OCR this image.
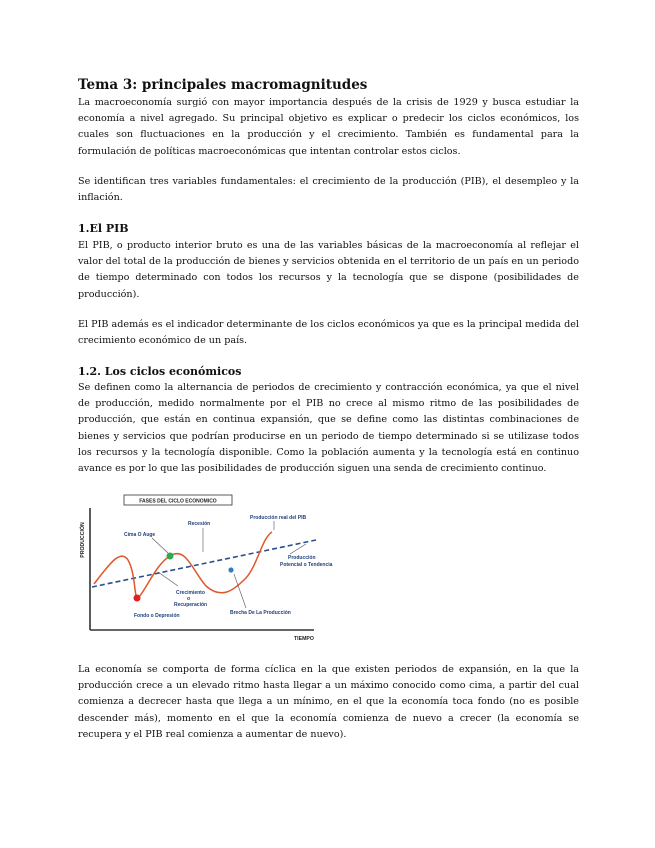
Tema 3: principales macromagnitudes

La macroeconomía surgió con mayor importancia después de la crisis de 1929 y busca estudiar la economía a nivel agregado. Su principal objetivo es explicar o predecir los ciclos económicos, los cuales son fluctuaciones en la producción y el crecimiento. También es fundamental para la formulación de políticas macroeconómicas que intentan controlar estos ciclos.

Se identifican tres variables fundamentales: el crecimiento de la producción (PIB), el desempleo y la inflación.

1.El PIB

El PIB, o producto interior bruto es una de las variables básicas de la macroeconomía al reflejar el valor del total de la producción de bienes y servicios obtenida en el territorio de un país en un periodo de tiempo determinado con todos los recursos y la tecnología que se dispone (posibilidades de producción).

El PIB además es el indicador determinante de los ciclos económicos ya que es la principal medida del crecimiento económico de un país.

1.2. Los ciclos económicos

Se definen como la alternancia de periodos de crecimiento y contracción económica, ya que el nivel de producción, medido normalmente por el PIB no crece al mismo ritmo de las posibilidades de producción, que están en continua expansión, que se define como las distintas combinaciones de bienes y servicios que podrían producirse en un periodo de tiempo determinado si se utilizase todos los recursos y la tecnología disponible. Como la población aumenta y la tecnología está en continuo avance es por lo que las posibilidades de producción siguen una senda de crecimiento continuo.

FASES DEL CICLO ECONOMICO
PRODUCCIÓN
TIEMPO
Cima O Auge
Recesión
Producción real del PIB
Producción
Potencial o Tendencia
Crecimiento
o
Recuperación
Fondo o Depresión	Brecha De La Producción

La economía se comporta de forma cíclica en la que existen periodos de expansión, en la que la producción crece a un elevado ritmo hasta llegar a un máximo conocido como cima, a partir del cual comienza a decrecer hasta que llega a un mínimo, en el que la economía toca fondo (no es posible descender más), momento en el que la economía comienza de nuevo a crecer (la economía se recupera y el PIB real comienza a aumentar de nuevo).
